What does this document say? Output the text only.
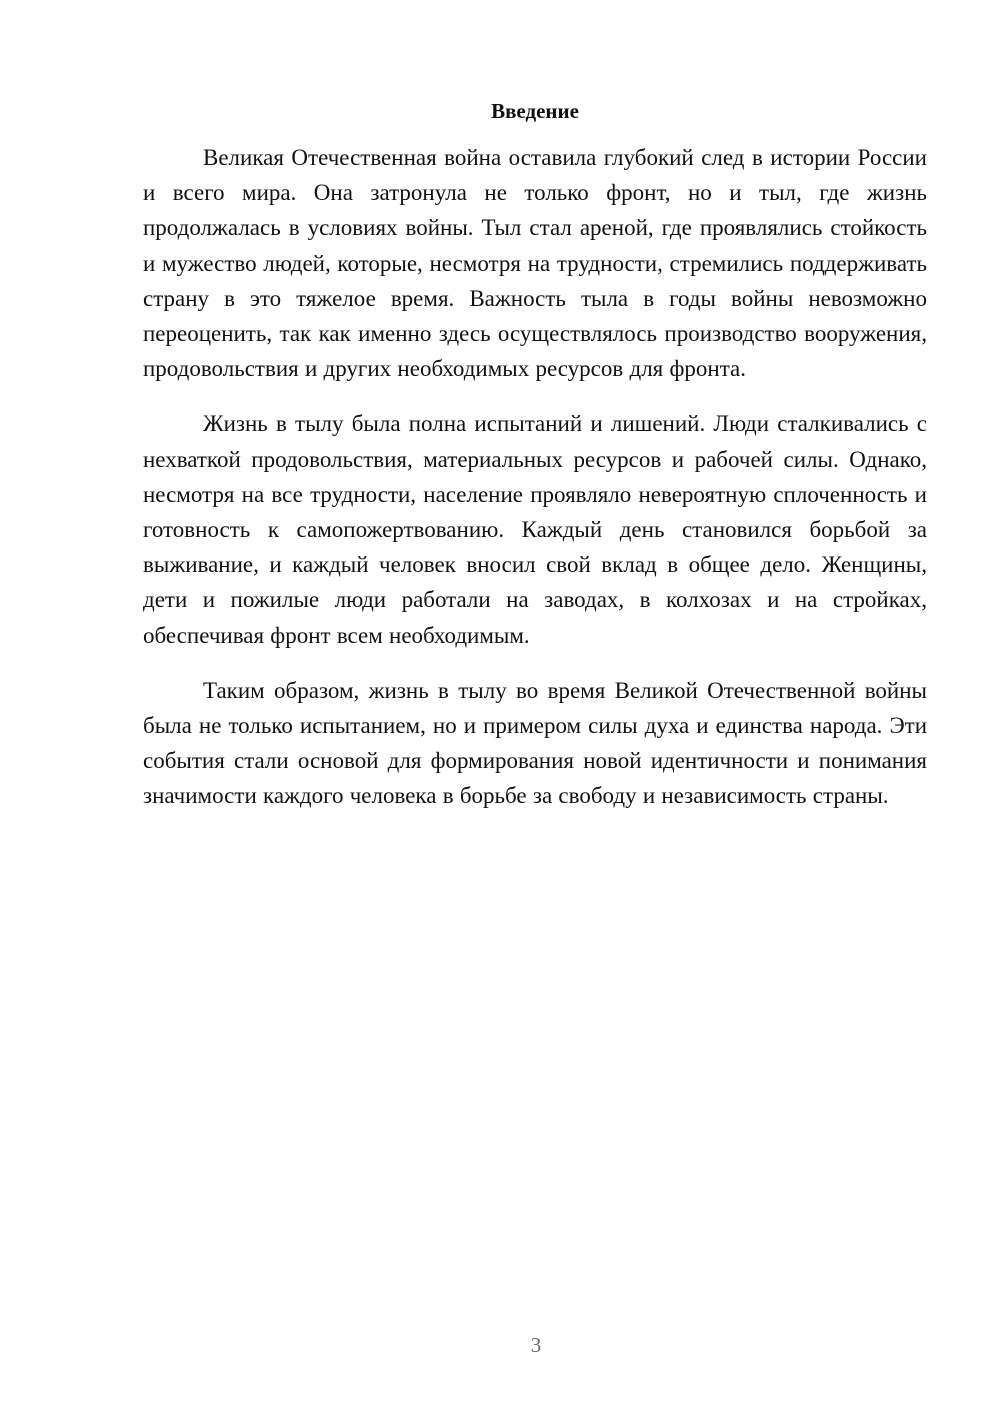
Введение

Великая Отечественная война оставила глубокий след в истории России и всего мира. Она затронула не только фронт, но и тыл, где жизнь продолжалась в условиях войны. Тыл стал ареной, где проявлялись стойкость и мужество людей, которые, несмотря на трудности, стремились поддерживать страну в это тяжелое время. Важность тыла в годы войны невозможно переоценить, так как именно здесь осуществлялось производство вооружения, продовольствия и других необходимых ресурсов для фронта.

Жизнь в тылу была полна испытаний и лишений. Люди сталкивались с нехваткой продовольствия, материальных ресурсов и рабочей силы. Однако, несмотря на все трудности, население проявляло невероятную сплоченность и готовность к самопожертвованию. Каждый день становился борьбой за выживание, и каждый человек вносил свой вклад в общее дело. Женщины, дети и пожилые люди работали на заводах, в колхозах и на стройках, обеспечивая фронт всем необходимым.

Таким образом, жизнь в тылу во время Великой Отечественной войны была не только испытанием, но и примером силы духа и единства народа. Эти события стали основой для формирования новой идентичности и понимания значимости каждого человека в борьбе за свободу и независимость страны.

3
